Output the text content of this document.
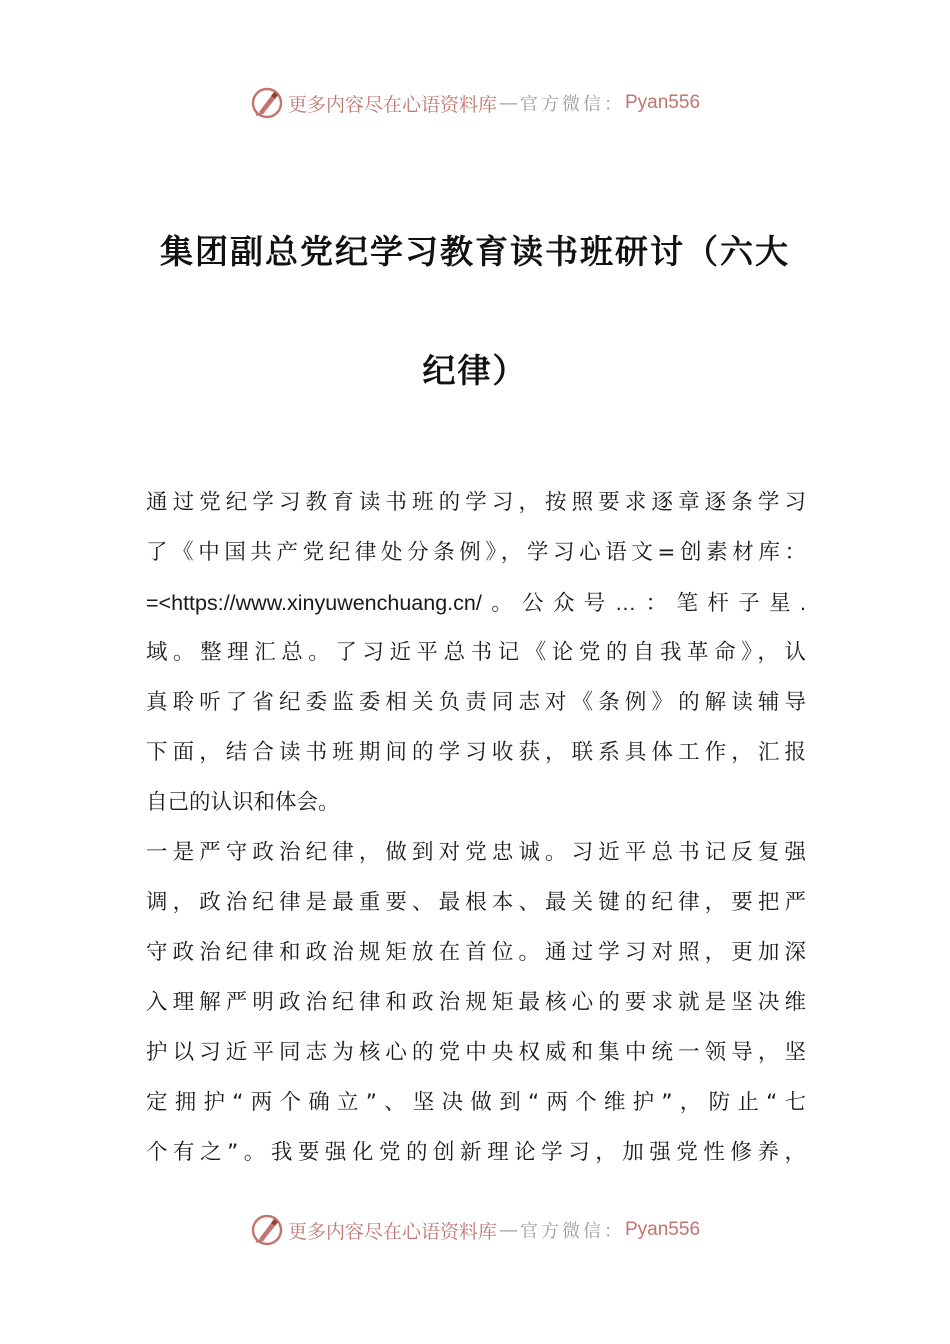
更多内容尽在心语资料库 — 官方微信： Pyan556
集团副总党纪学习教育读书班研讨（六大
纪律）
通过党纪学习教育读书班的学习，按照要求逐章逐条学习
了《中国共产党纪律处分条例》，学习心语文=创素材库：
=<https://www.xinyuwenchuang.cn/。公众号…：笔杆子星.
域。整理汇总。了习近平总书记《论党的自我革命》，认
真聆听了省纪委监委相关负责同志对《条例》的解读辅导
下面，结合读书班期间的学习收获，联系具体工作，汇报
自己的认识和体会。
一是严守政治纪律，做到对党忠诚。习近平总书记反复强
调，政治纪律是最重要、最根本、最关键的纪律，要把严
守政治纪律和政治规矩放在首位。通过学习对照，更加深
入理解严明政治纪律和政治规矩最核心的要求就是坚决维
护以习近平同志为核心的党中央权威和集中统一领导，坚
定拥护“两个确立”、坚决做到“两个维护”，防止“七
个有之”。我要强化党的创新理论学习，加强党性修养，
更多内容尽在心语资料库 — 官方微信： Pyan556
